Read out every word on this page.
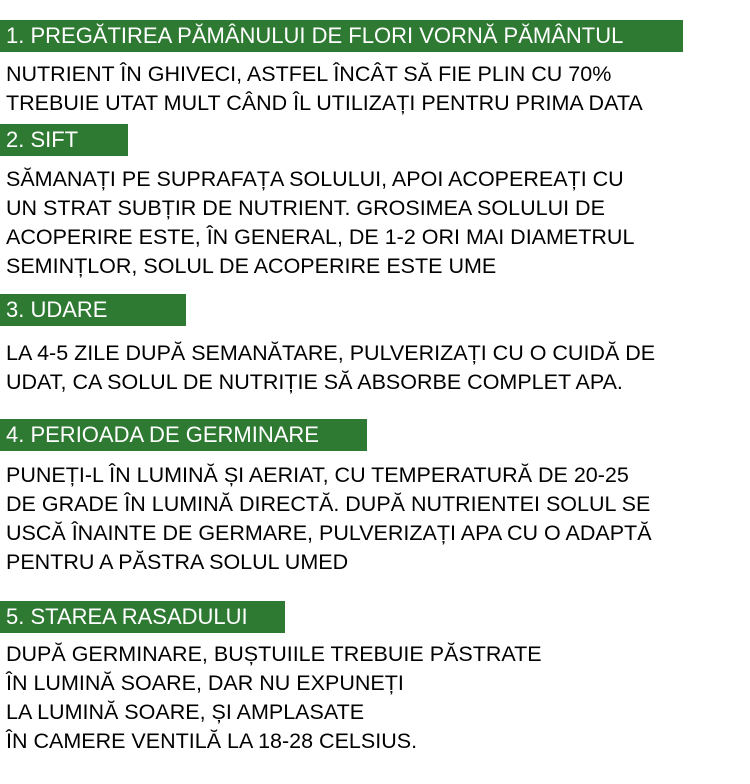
1. PREGĂTIREA PĂMÂNULUI DE FLORI VORNĂ PĂMÂNTUL
NUTRIENT ÎN GHIVECI, ASTFEL ÎNCÂT SĂ FIE PLIN CU 70%
TREBUIE UTAT MULT CÂND ÎL UTILIZAȚI PENTRU PRIMA DATA
2. SIFT
SĂMANAȚI PE SUPRAFAȚA SOLULUI, APOI ACOPEREAȚI CU
UN STRAT SUBȚIR DE NUTRIENT. GROSIMEA SOLULUI DE
ACOPERIRE ESTE, ÎN GENERAL, DE 1-2 ORI MAI DIAMETRUL
SEMINȚLOR, SOLUL DE ACOPERIRE ESTE UME
3. UDARE
LA 4-5 ZILE DUPĂ SEMANĂTARE, PULVERIZAȚI CU O CUIDĂ DE
UDAT, CA SOLUL DE NUTRIȚIE SĂ ABSORBE COMPLET APA.
4. PERIOADA DE GERMINARE
PUNEȚI-L ÎN LUMINĂ ȘI AERIAT, CU TEMPERATURĂ DE 20-25
DE GRADE ÎN LUMINĂ DIRECTĂ. DUPĂ NUTRIENTEI SOLUL SE
USCĂ ÎNAINTE DE GERMARE, PULVERIZAȚI APA CU O ADAPTĂ
PENTRU A PĂSTRA SOLUL UMED
5. STAREA RASADULUI
DUPĂ GERMINARE, BUȘTUIILE TREBUIE PĂSTRATE
ÎN LUMINĂ SOARE, DAR NU EXPUNEȚI
LA LUMINĂ SOARE, ȘI AMPLASATE
ÎN CAMERE VENTILĂ LA 18-28 CELSIUS.
